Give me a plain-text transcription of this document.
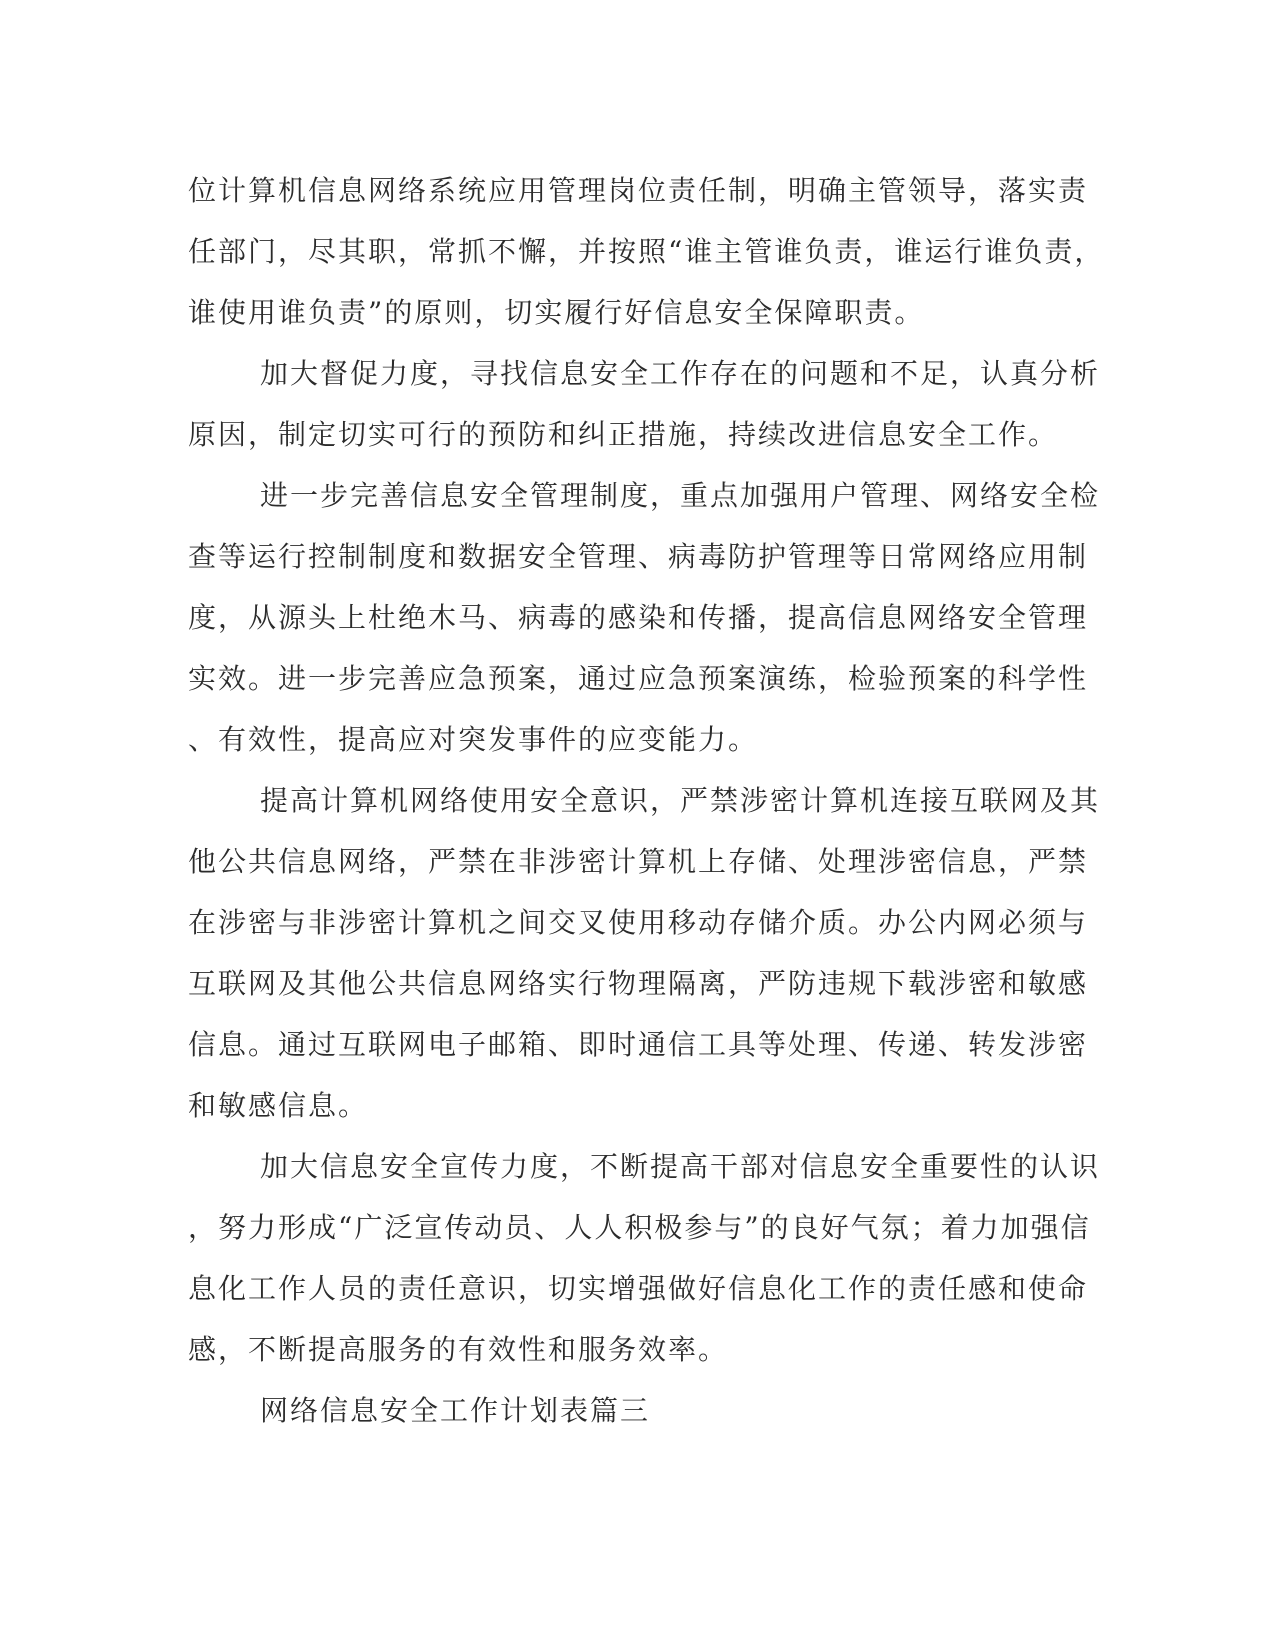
位计算机信息网络系统应用管理岗位责任制，明确主管领导，落实责
任部门，尽其职，常抓不懈，并按照“谁主管谁负责，谁运行谁负责，
谁使用谁负责”的原则，切实履行好信息安全保障职责。
加大督促力度，寻找信息安全工作存在的问题和不足，认真分析
原因，制定切实可行的预防和纠正措施，持续改进信息安全工作。
进一步完善信息安全管理制度，重点加强用户管理、网络安全检
查等运行控制制度和数据安全管理、病毒防护管理等日常网络应用制
度，从源头上杜绝木马、病毒的感染和传播，提高信息网络安全管理
实效。进一步完善应急预案，通过应急预案演练，检验预案的科学性
、有效性，提高应对突发事件的应变能力。
提高计算机网络使用安全意识，严禁涉密计算机连接互联网及其
他公共信息网络，严禁在非涉密计算机上存储、处理涉密信息，严禁
在涉密与非涉密计算机之间交叉使用移动存储介质。办公内网必须与
互联网及其他公共信息网络实行物理隔离，严防违规下载涉密和敏感
信息。通过互联网电子邮箱、即时通信工具等处理、传递、转发涉密
和敏感信息。
加大信息安全宣传力度，不断提高干部对信息安全重要性的认识
，努力形成“广泛宣传动员、人人积极参与”的良好气氛；着力加强信
息化工作人员的责任意识，切实增强做好信息化工作的责任感和使命
感，不断提高服务的有效性和服务效率。
网络信息安全工作计划表篇三
